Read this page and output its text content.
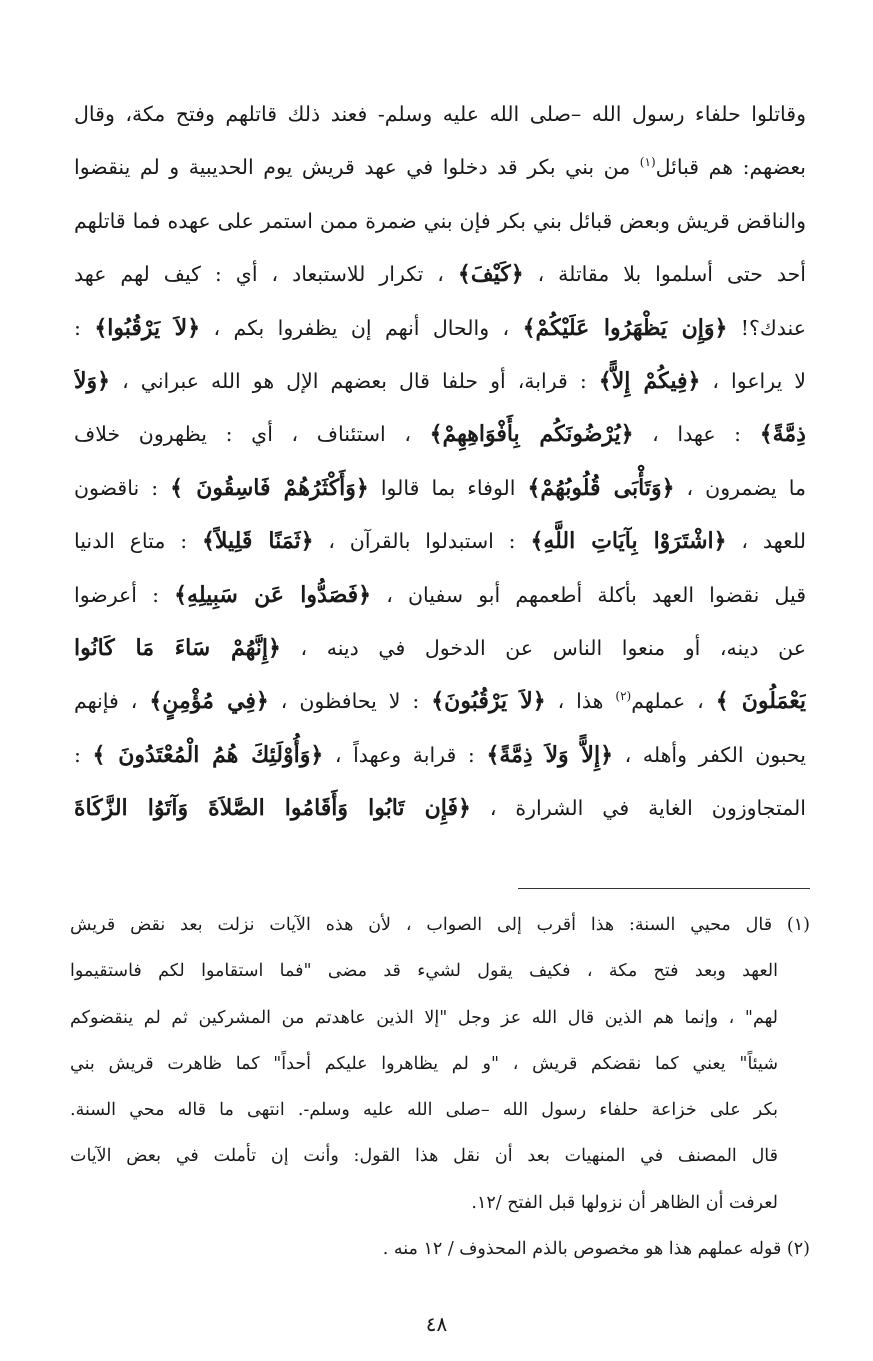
وقاتلوا حلفاء رسول الله –صلى الله عليه وسلم- فعند ذلك قاتلهم وفتح مكة، وقال
بعضهم: هم قبائل$^{(١)}$ من بني بكر قد دخلوا في عهد قريش يوم الحديبية و لم ينقضوا
والناقض قريش وبعض قبائل بني بكر فإن بني ضمرة ممن استمر على عهده فما قاتلهم
أحد حتى أسلموا بلا مقاتلة ، ﴿كَيْفَ﴾ ، تكرار للاستبعاد ، أي : كيف لهم عهد
عندك؟! ﴿وَإِن يَظْهَرُوا عَلَيْكُمْ﴾ ، والحال أنهم إن يظفروا بكم ، ﴿لاَ يَرْقُبُوا﴾ :
لا يراعوا ، ﴿فِيكُمْ إِلاًّ﴾ : قرابة، أو حلفا قال بعضهم الإل هو الله عبراني ، ﴿وَلاَ
ذِمَّةً﴾ : عهدا ، ﴿يُرْضُونَكُم بِأَفْوَاهِهِمْ﴾ ، استئناف ، أي : يظهرون خلاف
ما يضمرون ، ﴿وَتَأْبَى قُلُوبُهُمْ﴾ الوفاء بما قالوا ﴿وَأَكْثَرُهُمْ فَاسِقُونَ ﴾ : ناقضون
للعهد ، ﴿اشْتَرَوْا بِآيَاتِ اللَّهِ﴾ : استبدلوا بالقرآن ، ﴿ثَمَنًا قَلِيلاً﴾ : متاع الدنيا
قيل نقضوا العهد بأكلة أطعمهم أبو سفيان ، ﴿فَصَدُّوا عَن سَبِيلِهِ﴾ : أعرضوا
عن دينه، أو منعوا الناس عن الدخول في دينه ، ﴿إِنَّهُمْ سَاءَ مَا كَانُوا
يَعْمَلُونَ ﴾ ، عملهم$^{(٢)}$ هذا ، ﴿لاَ يَرْقُبُونَ﴾ : لا يحافظون ، ﴿فِي مُؤْمِنٍ﴾ ، فإنهم
يحبون الكفر وأهله ، ﴿إِلاًّ وَلاَ ذِمَّةً﴾ : قرابة وعهداً ، ﴿وَأُوْلَئِكَ هُمُ الْمُعْتَدُونَ ﴾ :
المتجاوزون الغاية في الشرارة ، ﴿فَإِن تَابُوا وَأَقَامُوا الصَّلاَةَ وَآتَوُا الزَّكَاةَ
(١) قال محيي السنة: هذا أقرب إلى الصواب ، لأن هذه الآيات نزلت بعد نقض قريش
العهد وبعد فتح مكة ، فكيف يقول لشيء قد مضى "فما استقاموا لكم فاستقيموا
لهم" ، وإنما هم الذين قال الله عز وجل "إلا الذين عاهدتم من المشركين ثم لم ينقضوكم
شيئاً" يعني كما نقضكم قريش ، "و لم يظاهروا عليكم أحداً" كما ظاهرت قريش بني
بكر على خزاعة حلفاء رسول الله –صلى الله عليه وسلم-. انتهى ما قاله محي السنة.
قال المصنف في المنهيات بعد أن نقل هذا القول: وأنت إن تأملت في بعض الآيات
لعرفت أن الظاهر أن نزولها قبل الفتح /١٢.
(٢) قوله عملهم هذا هو مخصوص بالذم المحذوف / ١٢ منه .
٤٨
